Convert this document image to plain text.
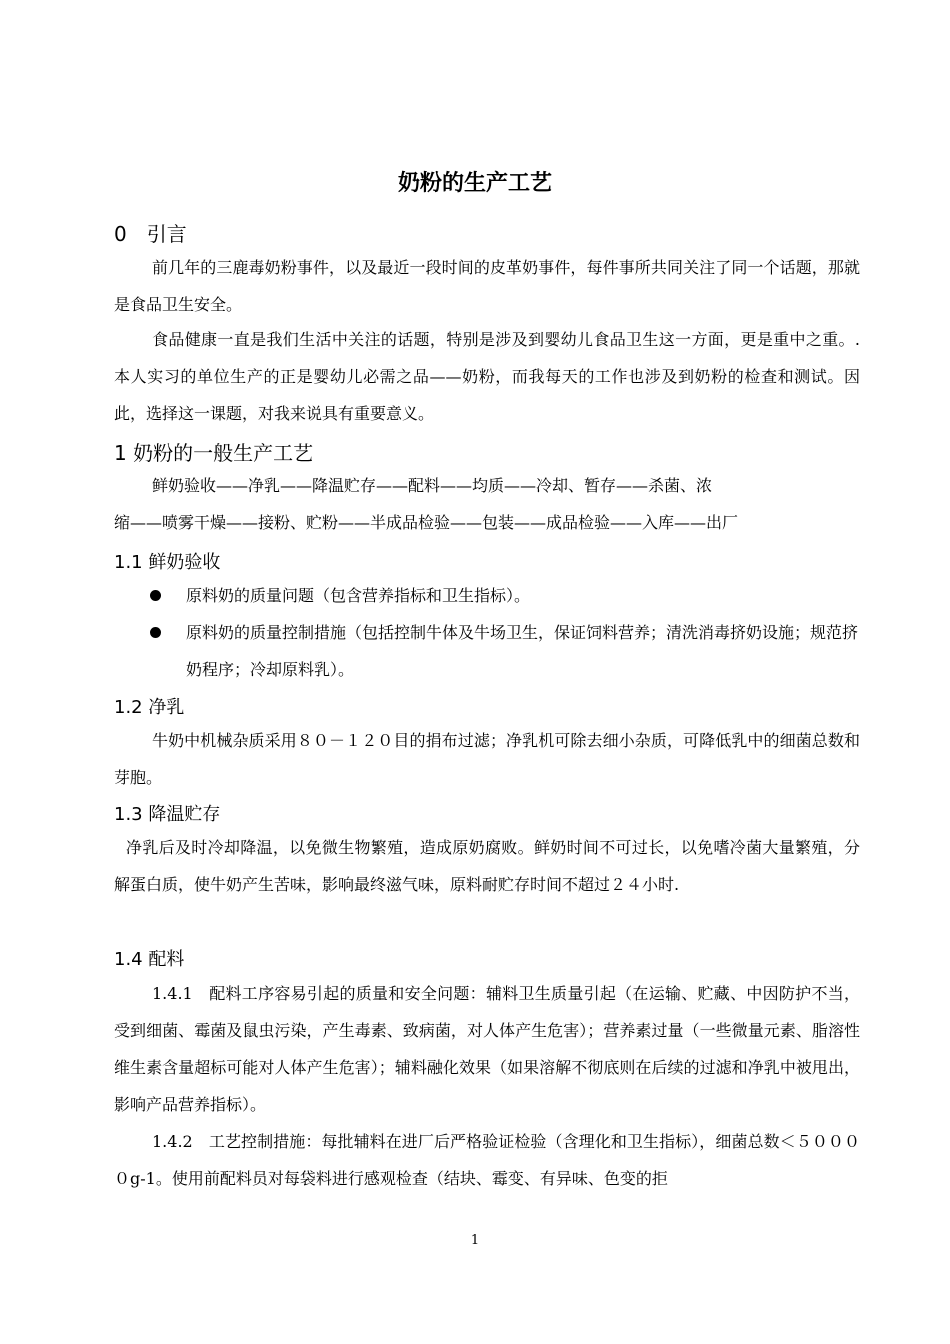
奶粉的生产工艺
0　引言

前几年的三鹿毒奶粉事件，以及最近一段时间的皮革奶事件，每件事所共同关注了同一个话题，那就是食品卫生安全。

食品健康一直是我们生活中关注的话题，特别是涉及到婴幼儿食品卫生这一方面，更是重中之重。. 本人实习的单位生产的正是婴幼儿必需之品——奶粉，而我每天的工作也涉及到奶粉的检查和测试。因此，选择这一课题，对我来说具有重要意义。

1 奶粉的一般生产工艺
鲜奶验收——净乳——降温贮存——配料——均质——冷却、暂存——杀菌、浓
缩——喷雾干燥——接粉、贮粉——半成品检验——包装——成品检验——入库——出厂
1.1 鲜奶验收
原料奶的质量问题（包含营养指标和卫生指标）。
原料奶的质量控制措施（包括控制牛体及牛场卫生，保证饲料营养；清洗消毒挤奶设施；规范挤奶程序；冷却原料乳）。
1.2 净乳

牛奶中机械杂质采用８０－１２０目的捐布过滤；净乳机可除去细小杂质，可降低乳中的细菌总数和芽胞。

1.3 降温贮存

净乳后及时冷却降温，以免微生物繁殖，造成原奶腐败。鲜奶时间不可过长，以免嗜冷菌大量繁殖，分解蛋白质，使牛奶产生苦味，影响最终滋气味，原料耐贮存时间不超过２４小时.

1.4 配料

1.4.1　配料工序容易引起的质量和安全问题：辅料卫生质量引起（在运输、贮藏、中因防护不当，受到细菌、霉菌及鼠虫污染，产生毒素、致病菌，对人体产生危害）；营养素过量（一些微量元素、脂溶性维生素含量超标可能对人体产生危害）；辅料融化效果（如果溶解不彻底则在后续的过滤和净乳中被甩出，影响产品营养指标）。

1.4.2　工艺控制措施：每批辅料在进厂后严格验证检验（含理化和卫生指标），细菌总数＜５００００g-1。使用前配料员对每袋料进行感观检查（结块、霉变、有异味、色变的拒

1
